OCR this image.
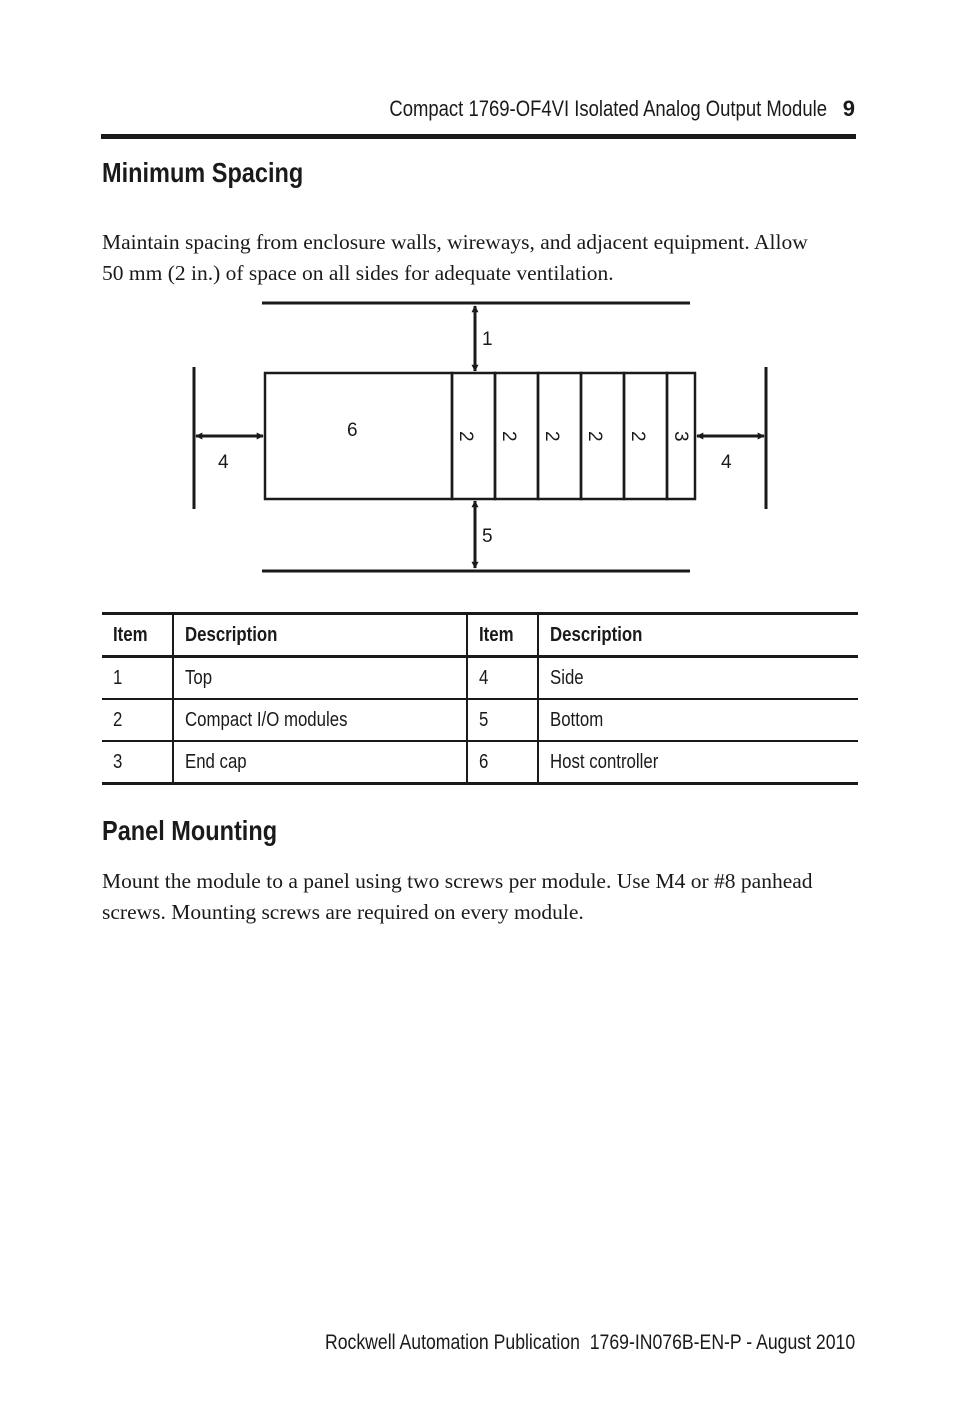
Compact 1769-OF4VI Isolated Analog Output Module 9
Minimum Spacing

Maintain spacing from enclosure walls, wireways, and adjacent equipment. Allow 50 mm (2 in.) of space on all sides for adequate ventilation.

1
5
4	4
6	2 2 2 2 2 3
Item	Description	Item	Description
1	Top	4	Side
2	Compact I/O modules	5	Bottom
3	End cap	6	Host controller
Panel Mounting

Mount the module to a panel using two screws per module. Use M4 or #8 panhead screws. Mounting screws are required on every module.

Rockwell Automation Publication  1769-IN076B-EN-P - August 2010
